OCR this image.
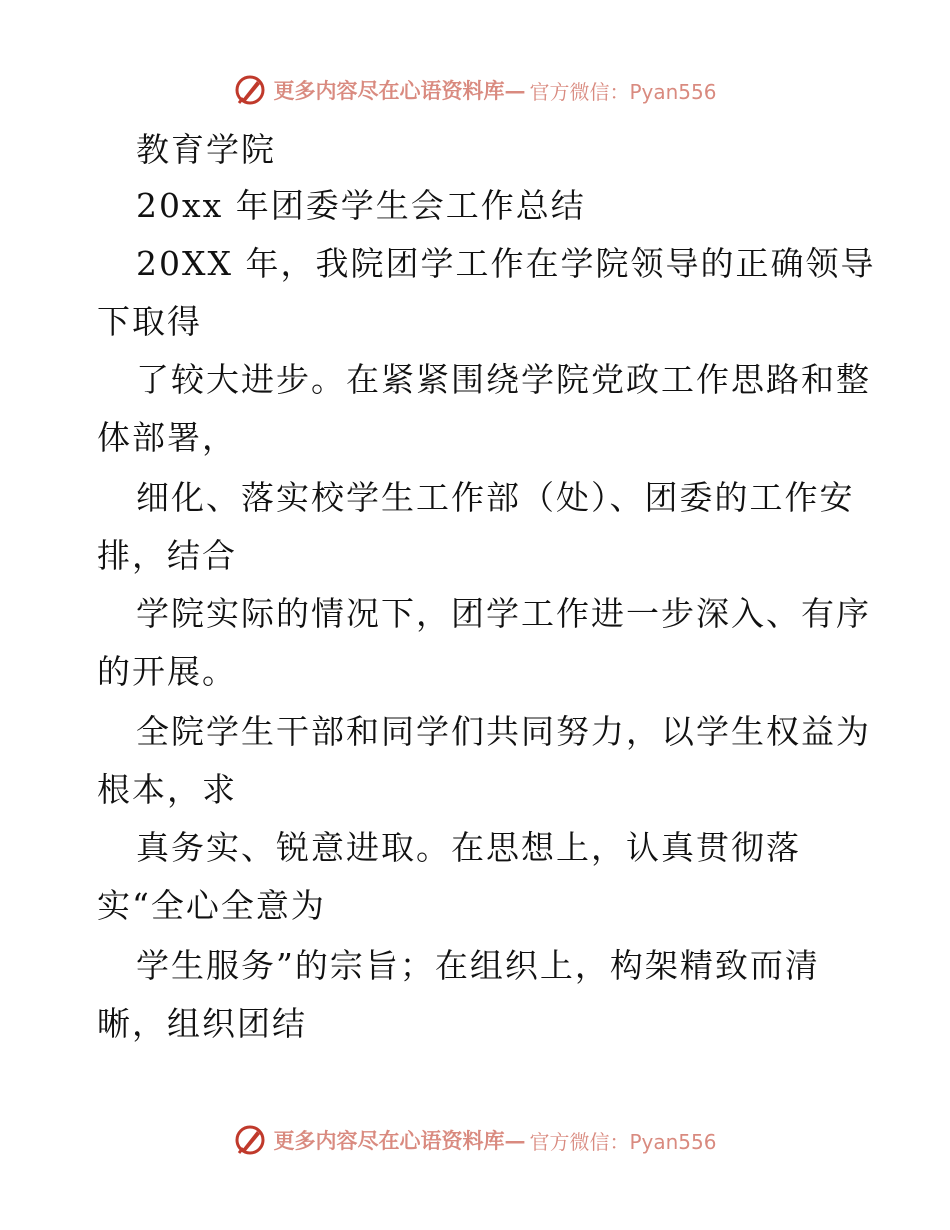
更多内容尽在心语资料库— 官方微信：Pyan556
教育学院
20xx 年团委学生会工作总结
20XX 年，我院团学工作在学院领导的正确领导
下取得
了较大进步。在紧紧围绕学院党政工作思路和整
体部署，
细化、落实校学生工作部（处）、团委的工作安
排，结合
学院实际的情况下，团学工作进一步深入、有序
的开展。
全院学生干部和同学们共同努力，以学生权益为
根本，求
真务实、锐意进取。在思想上，认真贯彻落
实“全心全意为
学生服务”的宗旨；在组织上，构架精致而清
晰，组织团结
更多内容尽在心语资料库— 官方微信：Pyan556
